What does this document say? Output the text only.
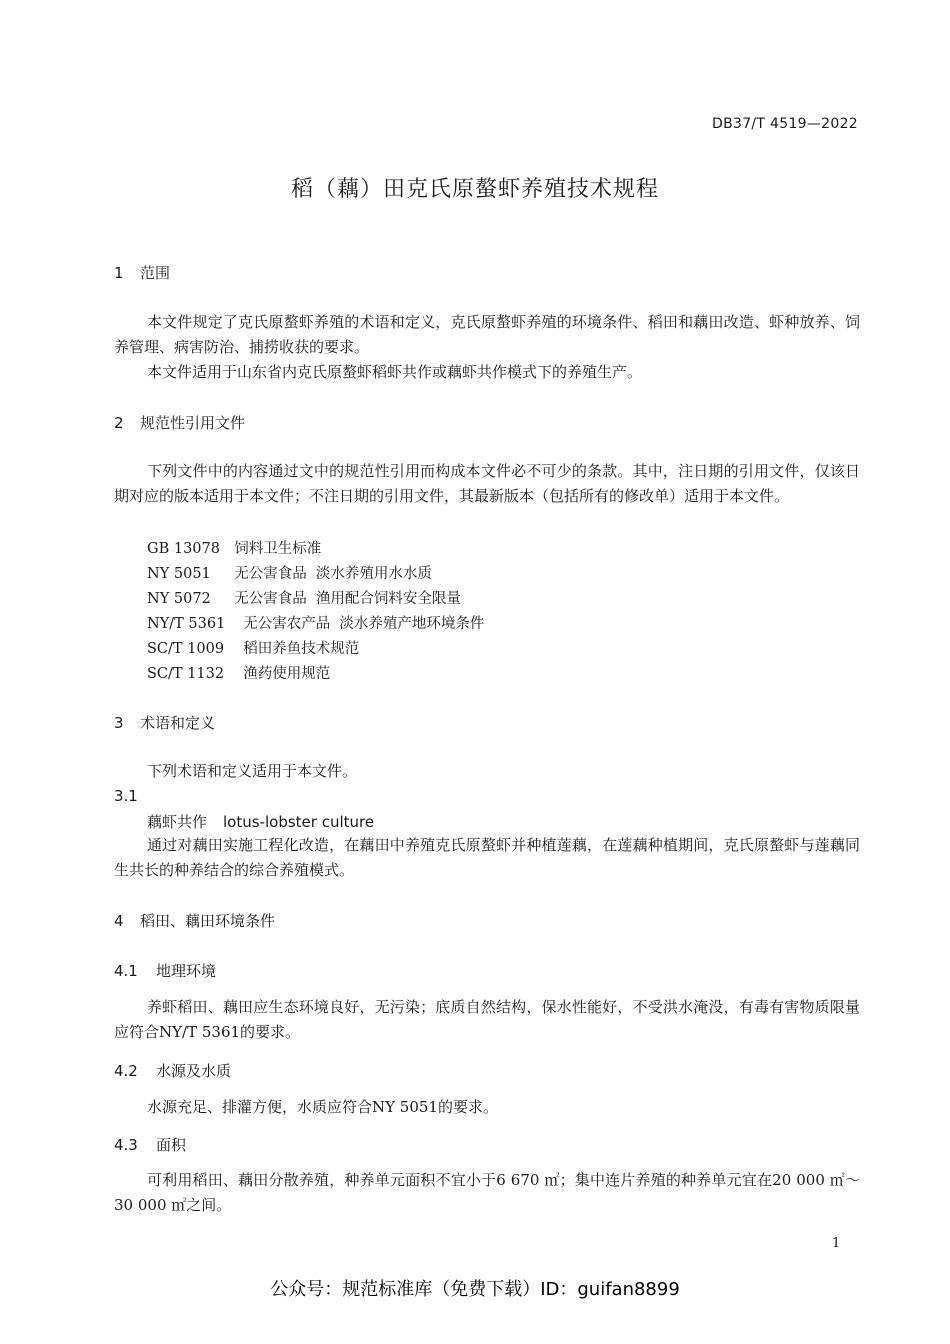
DB37/T 4519—2022
稻（藕）田克氏原螯虾养殖技术规程
1 范围

本文件规定了克氏原螯虾养殖的术语和定义，克氏原螯虾养殖的环境条件、稻田和藕田改造、虾种放养、饲养管理、病害防治、捕捞收获的要求。

本文件适用于山东省内克氏原螯虾稻虾共作或藕虾共作模式下的养殖生产。

2 规范性引用文件

下列文件中的内容通过文中的规范性引用而构成本文件必不可少的条款。其中，注日期的引用文件，仅该日期对应的版本适用于本文件；不注日期的引用文件，其最新版本（包括所有的修改单）适用于本文件。

GB 13078 饲料卫生标准
NY 5051 无公害食品  淡水养殖用水水质
NY 5072 无公害食品  渔用配合饲料安全限量
NY/T 5361 无公害农产品  淡水养殖产地环境条件
SC/T 1009 稻田养鱼技术规范
SC/T 1132 渔药使用规范
3 术语和定义

下列术语和定义适用于本文件。

3.1
藕虾共作 lotus-lobster culture

通过对藕田实施工程化改造，在藕田中养殖克氏原螯虾并种植莲藕，在莲藕种植期间，克氏原螯虾与莲藕同生共长的种养结合的综合养殖模式。

4 稻田、藕田环境条件
4.1 地理环境

养虾稻田、藕田应生态环境良好，无污染；底质自然结构，保水性能好，不受洪水淹没，有毒有害物质限量应符合NY/T 5361的要求。

4.2 水源及水质

水源充足、排灌方便，水质应符合NY 5051的要求。

4.3 面积

可利用稻田、藕田分散养殖，种养单元面积不宜小于6 670 ㎡；集中连片养殖的种养单元宜在20 000 ㎡～30 000 ㎡之间。

1
公众号：规范标准库（免费下载）ID：guifan8899
